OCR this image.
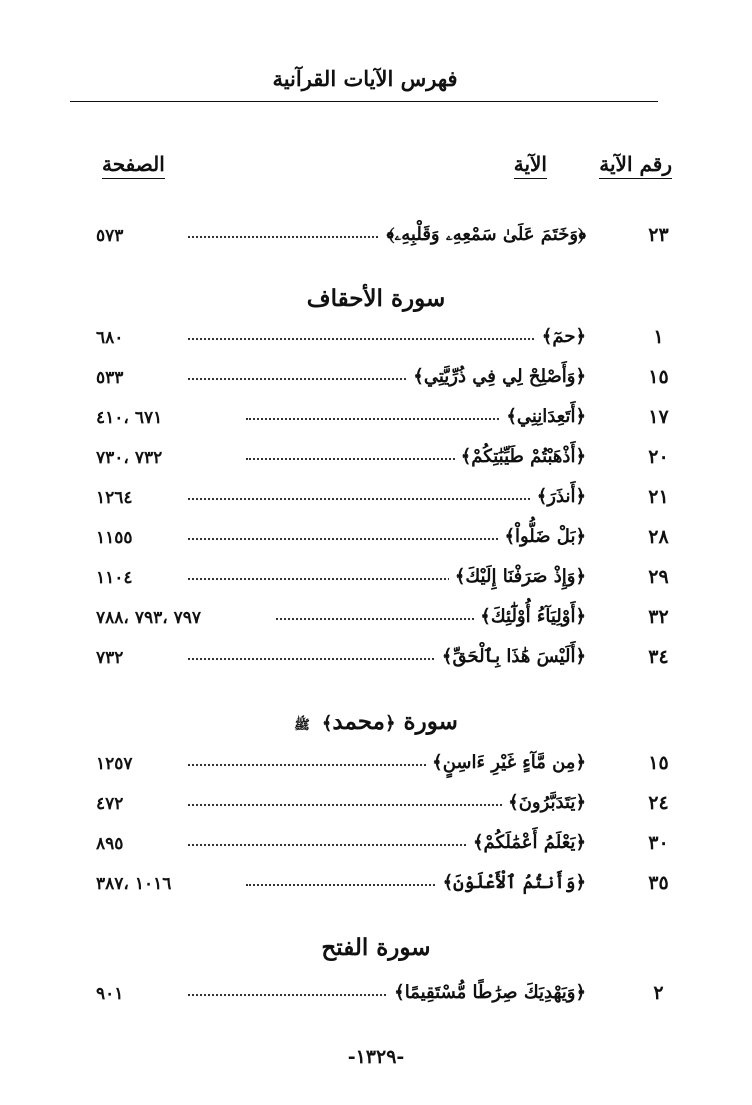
فهرس الآيات القرآنية
رقم الآية
الآية
الصفحة
٢٣
﴿وَخَتَمَ عَلَىٰ سَمْعِهِۦ وَقَلْبِهِۦ﴾
٥٧٣
سورة الأحقاف
١
﴿حمٓ﴾
٦٨٠
١٥
﴿وَأَصْلِحْ لِي فِي ذُرِّيَّتِي﴾
٥٣٣
١٧
﴿أَتَعِدَانِنِي﴾
٦٧١ ،٤١٠
٢٠
﴿أَذْهَبْتُمْ طَيِّبَٰتِكُمْ﴾
٧٣٢ ،٧٣٠
٢١
﴿أَنذَرَ﴾
١٢٦٤
٢٨
﴿بَلْ ضَلُّواْ﴾
١١٥٥
٢٩
﴿وَإِذْ صَرَفْنَا إِلَيْكَ﴾
١١٠٤
٣٢
﴿أَوْلِيَآءُ أُوْلَٰٓئِكَ﴾
٧٩٧ ،٧٩٣ ،٧٨٨
٣٤
﴿أَلَيْسَ هَٰذَا بِٱلْحَقِّ﴾
٧٣٢
سورة ﴿محمد﴾ ﷺ
١٥
﴿مِن مَّآءٍ غَيْرِ ءَاسِنٍ﴾
١٢٥٧
٢٤
﴿يَتَدَبَّرُونَ﴾
٤٧٢
٣٠
﴿يَعْلَمُ أَعْمَٰلَكُمْ﴾
٨٩٥
٣٥
﴿وَأَنتُمُ ٱلْأَعْلَوْنَ﴾
١٠١٦ ،٣٨٧
سورة الفتح
٢
﴿وَيَهْدِيَكَ صِرَٰطًا مُّسْتَقِيمًا﴾
٩٠١
-١٣٢٩-
